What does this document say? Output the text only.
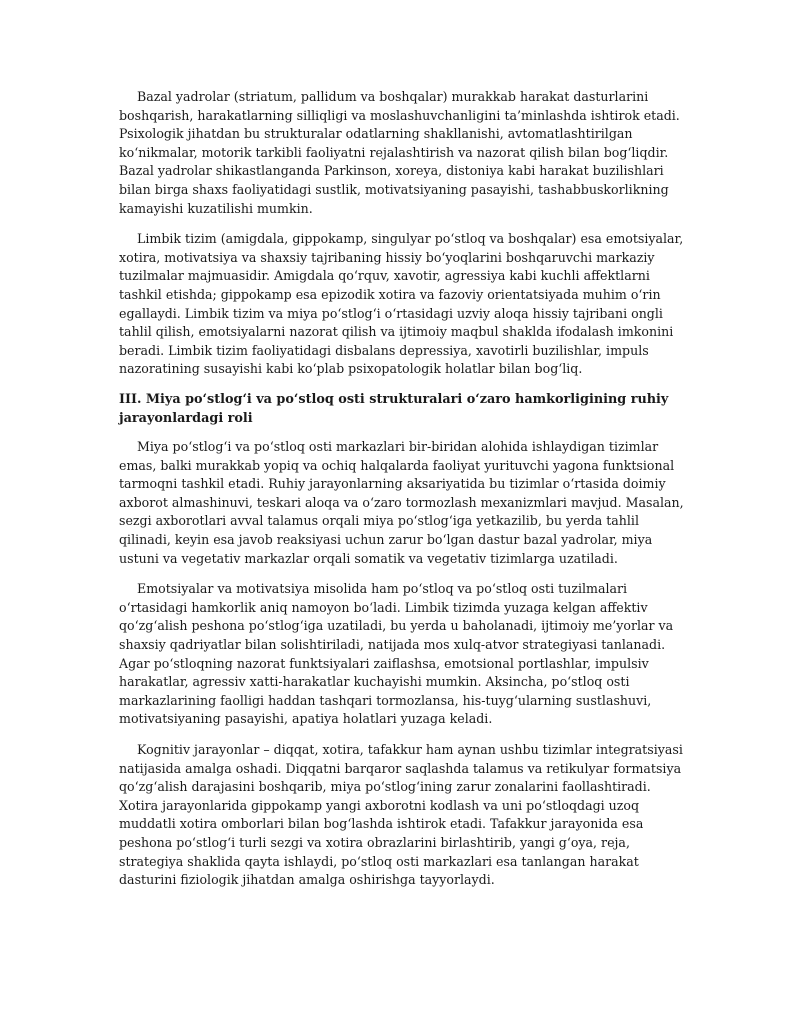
Bazal yadrolar (striatum, pallidum va boshqalar) murakkab harakat dasturlarini boshqarish, harakatlarning silliqligi va moslashuvchanligini ta’minlashda ishtirok etadi. Psixologik jihatdan bu strukturalar odatlarning shakllanishi, avtomatlashtirilgan ko‘nikmalar, motorik tarkibli faoliyatni rejalashtirish va nazorat qilish bilan bog‘liqdir. Bazal yadrolar shikastlanganda Parkinson, xoreya, distoniya kabi harakat buzilishlari bilan birga shaxs faoliyatidagi sustlik, motivatsiyaning pasayishi, tashabbuskorlikning kamayishi kuzatilishi mumkin.

Limbik tizim (amigdala, gippokamp, singulyar po‘stloq va boshqalar) esa emotsiyalar, xotira, motivatsiya va shaxsiy tajribaning hissiy bo‘yoqlarini boshqaruvchi markaziy tuzilmalar majmuasidir. Amigdala qo‘rquv, xavotir, agressiya kabi kuchli affektlarni tashkil etishda; gippokamp esa epizodik xotira va fazoviy orientatsiyada muhim o‘rin egallaydi. Limbik tizim va miya po‘stlog‘i o‘rtasidagi uzviy aloqa hissiy tajribani ongli tahlil qilish, emotsiyalarni nazorat qilish va ijtimoiy maqbul shaklda ifodalash imkonini beradi. Limbik tizim faoliyatidagi disbalans depressiya, xavotirli buzilishlar, impuls nazoratining susayishi kabi ko‘plab psixopatologik holatlar bilan bog‘liq.

III. Miya po‘stlog‘i va po‘stloq osti strukturalari o‘zaro hamkorligining ruhiy jarayonlardagi roli

Miya po‘stlog‘i va po‘stloq osti markazlari bir-biridan alohida ishlaydigan tizimlar emas, balki murakkab yopiq va ochiq halqalarda faoliyat yurituvchi yagona funktsional tarmoqni tashkil etadi. Ruhiy jarayonlarning aksariyatida bu tizimlar o‘rtasida doimiy axborot almashinuvi, teskari aloqa va o‘zaro tormozlash mexanizmlari mavjud. Masalan, sezgi axborotlari avval talamus orqali miya po‘stlog‘iga yetkazilib, bu yerda tahlil qilinadi, keyin esa javob reaksiyasi uchun zarur bo‘lgan dastur bazal yadrolar, miya ustuni va vegetativ markazlar orqali somatik va vegetativ tizimlarga uzatiladi.

Emotsiyalar va motivatsiya misolida ham po‘stloq va po‘stloq osti tuzilmalari o‘rtasidagi hamkorlik aniq namoyon bo‘ladi. Limbik tizimda yuzaga kelgan affektiv qo‘zg‘alish peshona po‘stlog‘iga uzatiladi, bu yerda u baholanadi, ijtimoiy me’yorlar va shaxsiy qadriyatlar bilan solishtiriladi, natijada mos xulq-atvor strategiyasi tanlanadi. Agar po‘stloqning nazorat funktsiyalari zaiflashsa, emotsional portlashlar, impulsiv harakatlar, agressiv xatti-harakatlar kuchayishi mumkin. Aksincha, po‘stloq osti markazlarining faolligi haddan tashqari tormozlansa, his-tuyg‘ularning sustlashuvi, motivatsiyaning pasayishi, apatiya holatlari yuzaga keladi.

Kognitiv jarayonlar – diqqat, xotira, tafakkur ham aynan ushbu tizimlar integratsiyasi natijasida amalga oshadi. Diqqatni barqaror saqlashda talamus va retikulyar formatsiya qo‘zg‘alish darajasini boshqarib, miya po‘stlog‘ining zarur zonalarini faollashtiradi. Xotira jarayonlarida gippokamp yangi axborotni kodlash va uni po‘stloqdagi uzoq muddatli xotira omborlari bilan bog‘lashda ishtirok etadi. Tafakkur jarayonida esa peshona po‘stlog‘i turli sezgi va xotira obrazlarini birlashtirib, yangi g‘oya, reja, strategiya shaklida qayta ishlaydi, po‘stloq osti markazlari esa tanlangan harakat dasturini fiziologik jihatdan amalga oshirishga tayyorlaydi.
